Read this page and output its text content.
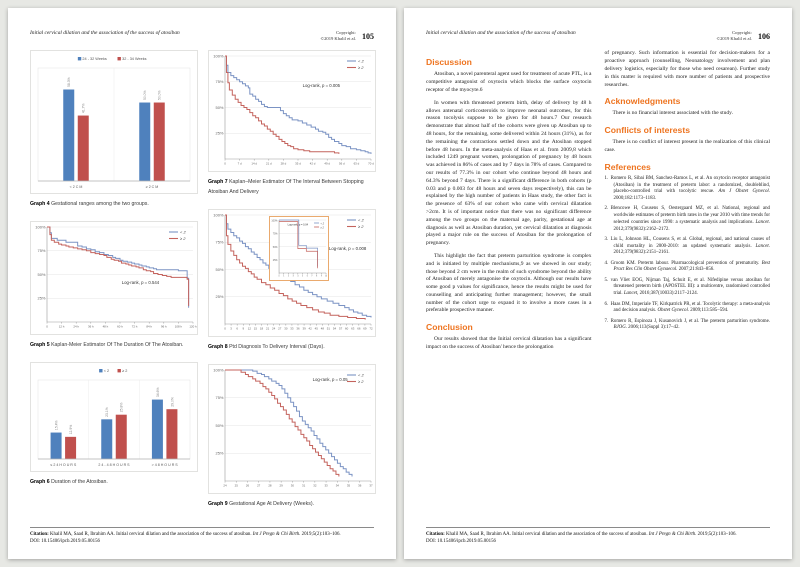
Initial cervical dilation and the association of the success of atosiban	Copyright:
©2019 Khalil et al. 105
24 - 32 Weeks	32 - 34 Weeks
58.3%
41.7%
< 2 C M
50.0%	50.0%
≥ 2 C M
Graph 4 Gestational ranges among the two groups.
100%
75%
50%
25%
0	12 h	24 h	36 h	48 h	60 h	72 h	84 h	96 h	108 h	120 h
< 2
≥ 2
Log-rank, p = 0.544
Graph 5 Kaplan-Meier Estimator Of The Duration Of The Atosiban.
< 2	≥ 2
15.4%	12.9%
≤ 2 4 H O U R S
23.1%	25.8%
2 4 - 4 8 H O U R S
34.6%
29.0%
> 4 8 H O U R S
Graph 6 Duration of the Atosiban.
100%
75%
50%
25%
0	7 d	14 d	21 d	28 d	35 d	42 d	49 d	56 d	63 d	70 d
< 2
≥ 2
Log-rank, p = 0.005
Graph 7 Kaplan–Meier Estimator Of The Interval Between Stopping Atosiban And Delivery
100%
75%
50%
25%
0 1 2 3 4 5 6 7 8 9 10
< 2
≥ 2
Log-rank, p = 0.04
100%
75%
50%
25%
0 3 6 9 12 15 18 21 24 27 30 33 36 39 42 45 48 51 54 57 60 63 66 69 72
< 2
≥ 2
Log-rank, p = 0.008
Graph 8 Ptd Diagnosis To Delivery Interval (Days).
100%
75%
50%
25%
24	25	26	27	28	29	30	31	32	33	34	35	36	37
< 2
≥ 2
Log-rank, p = 0.05
Graph 9 Gestational Age At Delivery (Weeks).

Citation: Khalil MA, Saad R, Ibrahim AA. Initial cervical dilation and the association of the success of atosiban. Int J Pregn & Chi Birth. 2019;5(2):103–106.
DOI: 10.15406/ipcb.2019.05.00156

Initial cervical dilation and the association of the success of atosiban	Copyright:
©2019 Khalil et al. 106
Discussion

Atosiban, a novel parenteral agent used for treatment of acute PTL, is a competitive antagonist of oxytocin which blocks the surface oxytocin receptor of the myocyte.6

In women with threatened preterm birth, delay of delivery by 48 h allows antenatal corticosteroids to improve neonatal outcomes, for this reason tocolysis suppose to be given for 48 hours.7 Our research demonstrate that almost half of the cohorts were given up Atosiban up to 48 hours, for the remaining, some delivered within 24 hours (31%), as for the remaining the contractions settled down and the Atosiban stopped before 48 hours. In the meta-analysis of Haas et al. from 2009,8 which included 1249 pregnant women, prolongation of pregnancy by 48 hours was achieved in 86% of cases and by 7 days in 78% of cases. Compared to our results of 77.3% in our cohort who continue beyond 48 hours and 64.3% beyond 7 days. There is a significant difference in both cohorts (p 0.03 and p 0.003 for 48 hours and seven days respectively), this can be explained by the high number of patients in Haas study, the other fact is the presence of 63% of our cohort who came with cervical dilatation >2cm. It is of important notice that there was no significant difference among the two groups on the maternal age, parity, gestational age at diagnosis as well as Atosiban duration, yet cervical dilatation at diagnosis played a major rule on the success of Atosiban for the prolongation of pregnancy.

This highlight the fact that preterm parturition syndrome is complex and is initiated by multiple mechanisms,9 as we showed in our study; those beyond 2 cm were in the realm of such syndrome beyond the ability of Atosiban of merely antagonise the oxytocin. Although our results have some good p values for significance, hence the results might be used for counselling and anticipating further management; however, the small number of the cohort urge to expand it to involve a more cases in a preferable prospective manner.

Conclusion

Our results showed that the Initial cervical dilatation has a significant impact on the success of Atosiban' hence the prolongation

of pregnancy. Such information is essential for decision-makers for a proactive approach (counselling, Neonatology involvement and plan delivery logistics, especially for those who need cesarean). Further study in this matter is required with more number of patients and prospective researches.

Acknowledgments

There is no financial interest associated with the study.

Conflicts of interests

There is no conflict of interest present in the realization of this clinical case.

References
1. Romero R, Sibai BM, Sanchez-Ramos L, et al. An oxytocin receptor antagonist (Atosiban) in the treatment of preterm labor: a randomized, doubleblind, placebo-controlled trial with tocolytic rescue. Am J Obstet Gynecol. 2000;182:1173–1183.
2. Blencowe H, Cousens S, Oestergaard MZ, et al. National, regional and worldwide estimates of preterm birth rates in the year 2010 with time trends for selected countries since 1990: a systematic analysis and implications. Lancet. 2012;379(9832):2162–2172.
3. Liu L, Johnson HL, Cousens S, et al. Global, regional, and national causes of child mortality in 2000-2010: an updated systematic analysis. Lancet. 2012;379(9832):2151–2161.
4. Groom KM. Preterm labour. Pharmacological prevention of prematurity. Best Pract Res Clin Obstet Gynaecol. 2007;21:843–856.
5. van Vliet EOG, Nijman Taj, Schuit E, et al. Nifedipine versus atosiban for threatened preterm birth (APOSTEL III): a multicentre, randomised controlled trial. Lancet, 2016;387(10033):2117–2124.
6. Haas DM, Imperiale TF, Kirkpatrick PR, et al. Tocolytic therapy: a meta-analysis and decision analysis. Obstet Gynecol. 2009;113:585–594.
7. Romero R, Espinoza J, Kusanovich J, et al. The preterm parturition syndrome. BJOG. 2006;113(Suppl 3):17–42.

Citation: Khalil MA, Saad R, Ibrahim AA. Initial cervical dilation and the association of the success of atosiban. Int J Pregn & Chi Birth. 2019;5(2):103–106.
DOI: 10.15406/ipcb.2019.05.00156
